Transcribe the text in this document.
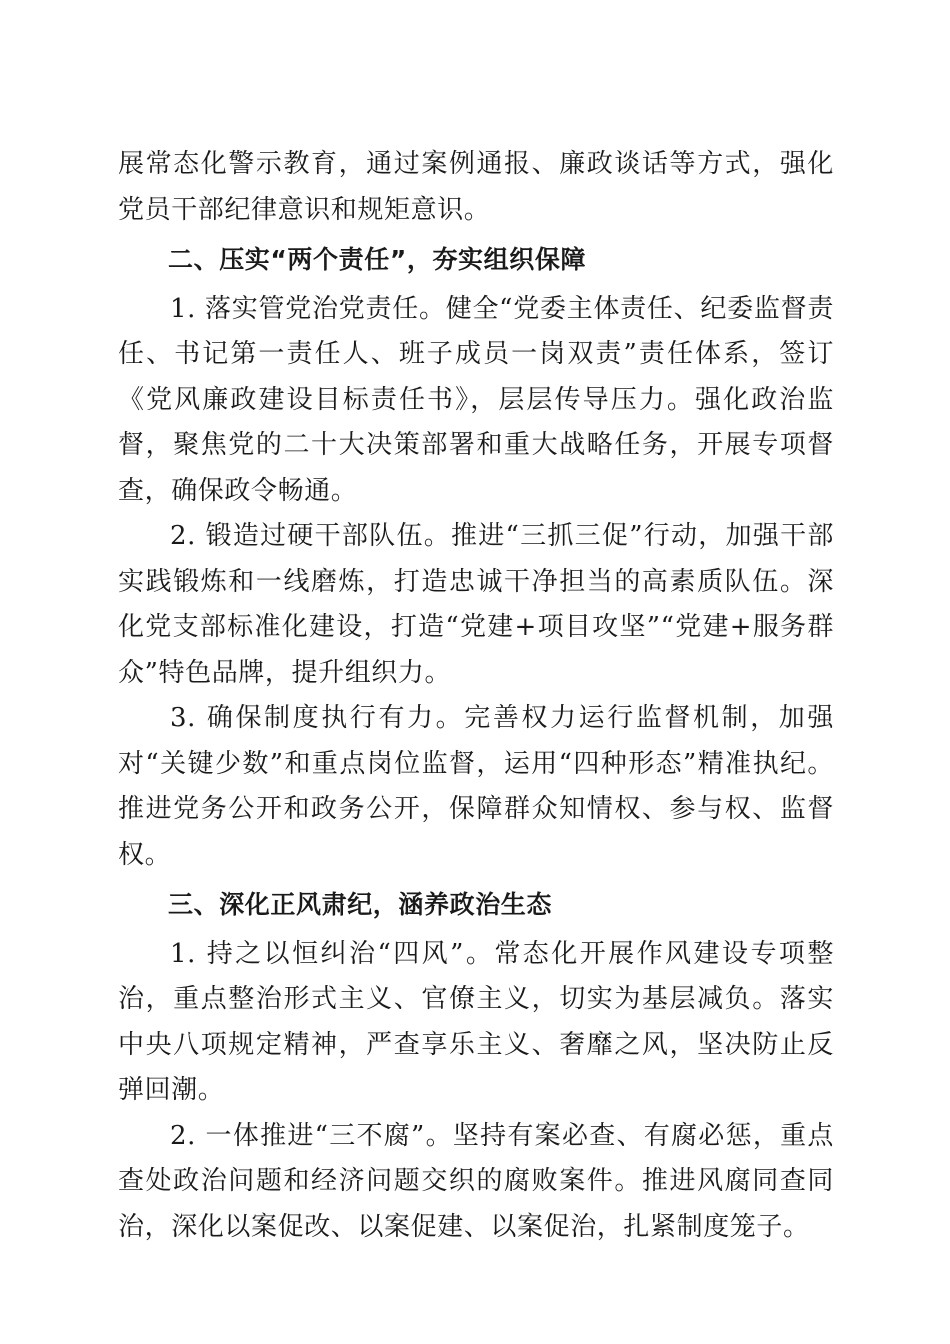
展常态化警示教育，通过案例通报、廉政谈话等方式，强化党员干部纪律意识和规矩意识。

二、压实“两个责任”，夯实组织保障

1. 落实管党治党责任。健全“党委主体责任、纪委监督责任、书记第一责任人、班子成员一岗双责”责任体系，签订《党风廉政建设目标责任书》，层层传导压力。强化政治监督，聚焦党的二十大决策部署和重大战略任务，开展专项督查，确保政令畅通。

2. 锻造过硬干部队伍。推进“三抓三促”行动，加强干部实践锻炼和一线磨炼，打造忠诚干净担当的高素质队伍。深化党支部标准化建设，打造“党建+项目攻坚”“党建+服务群众”特色品牌，提升组织力。

3. 确保制度执行有力。完善权力运行监督机制，加强对“关键少数”和重点岗位监督，运用“四种形态”精准执纪。推进党务公开和政务公开，保障群众知情权、参与权、监督权。

三、深化正风肃纪，涵养政治生态

1. 持之以恒纠治“四风”。常态化开展作风建设专项整治，重点整治形式主义、官僚主义，切实为基层减负。落实中央八项规定精神，严查享乐主义、奢靡之风，坚决防止反弹回潮。

2. 一体推进“三不腐”。坚持有案必查、有腐必惩，重点查处政治问题和经济问题交织的腐败案件。推进风腐同查同治，深化以案促改、以案促建、以案促治，扎紧制度笼子。
